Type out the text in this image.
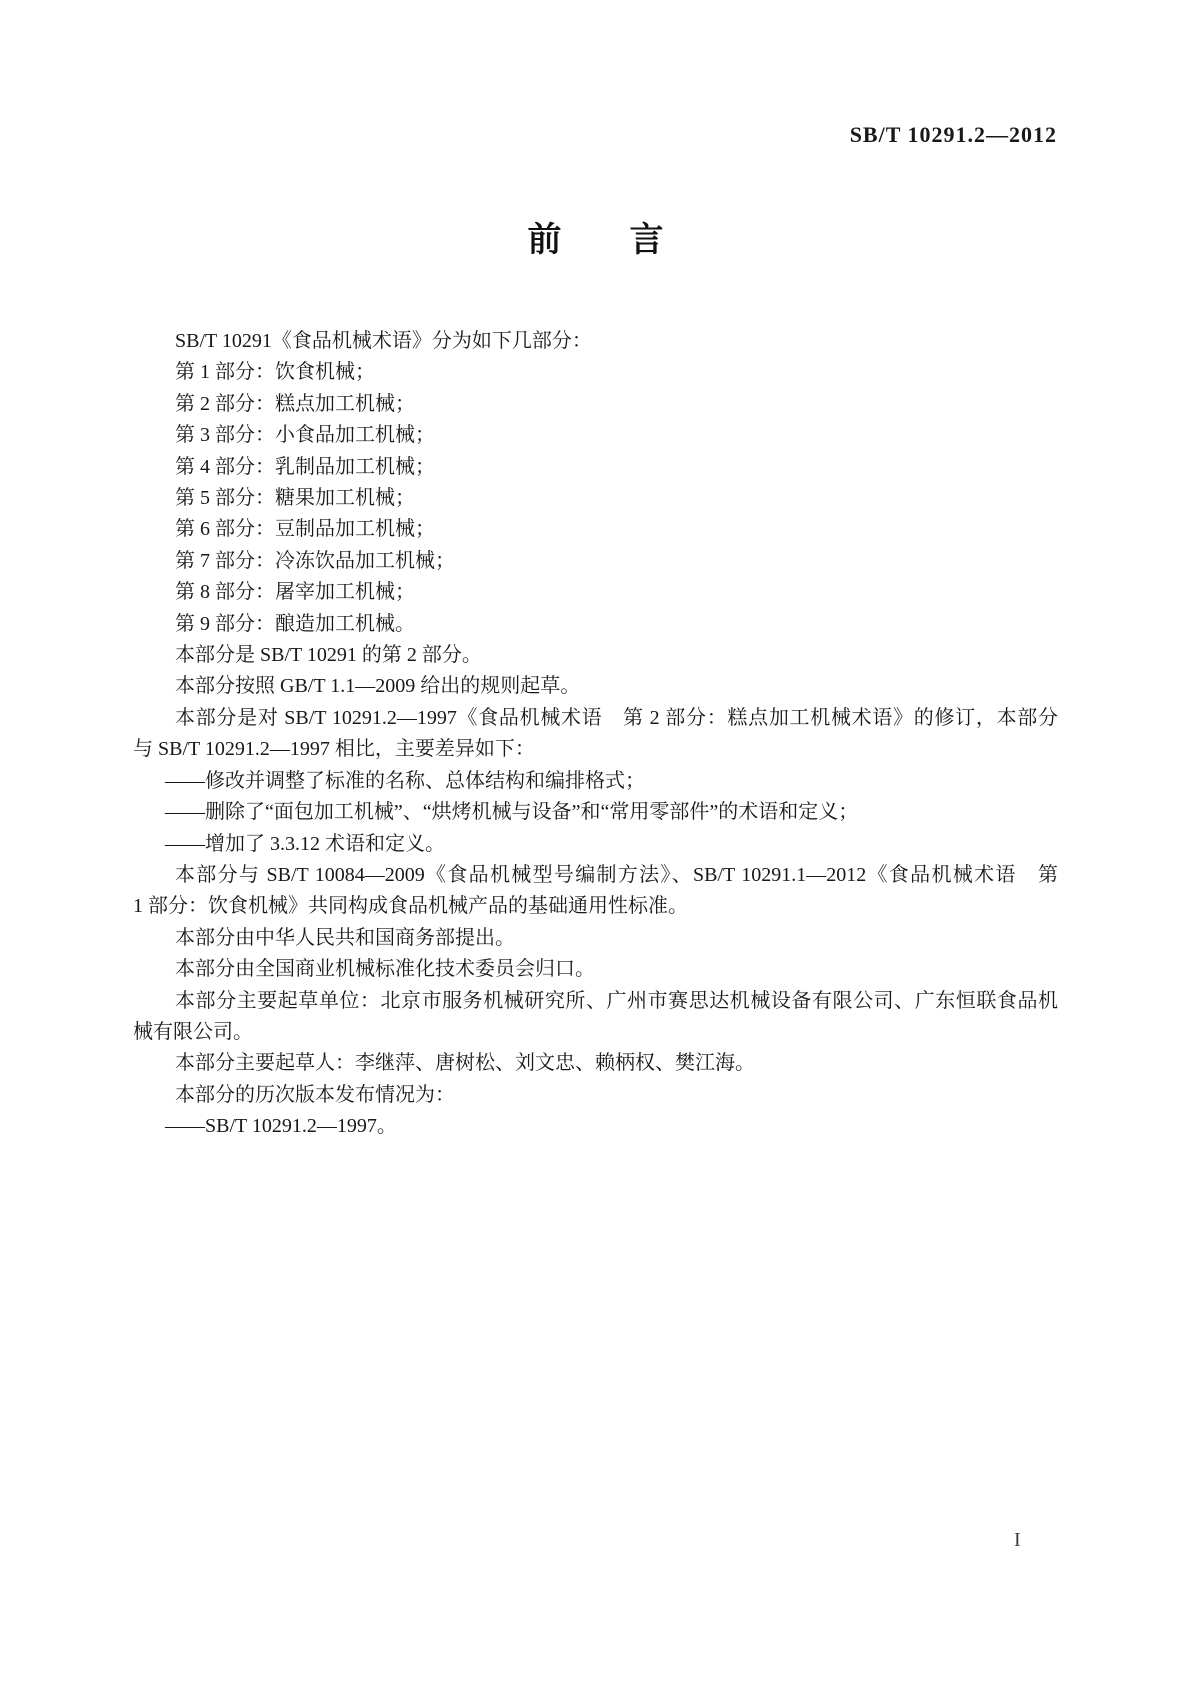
SB/T 10291.2—2012
前　　言
SB/T 10291《食品机械术语》分为如下几部分：
第 1 部分：饮食机械；
第 2 部分：糕点加工机械；
第 3 部分：小食品加工机械；
第 4 部分：乳制品加工机械；
第 5 部分：糖果加工机械；
第 6 部分：豆制品加工机械；
第 7 部分：冷冻饮品加工机械；
第 8 部分：屠宰加工机械；
第 9 部分：酿造加工机械。
本部分是 SB/T 10291 的第 2 部分。
本部分按照 GB/T 1.1—2009 给出的规则起草。
本部分是对 SB/T 10291.2—1997《食品机械术语　第 2 部分：糕点加工机械术语》的修订，本部分
与 SB/T 10291.2—1997 相比，主要差异如下：
——修改并调整了标准的名称、总体结构和编排格式；
——删除了“面包加工机械”、“烘烤机械与设备”和“常用零部件”的术语和定义；
——增加了 3.3.12 术语和定义。
本部分与 SB/T 10084—2009《食品机械型号编制方法》、SB/T 10291.1—2012《食品机械术语　第
1 部分：饮食机械》共同构成食品机械产品的基础通用性标准。
本部分由中华人民共和国商务部提出。
本部分由全国商业机械标准化技术委员会归口。
本部分主要起草单位：北京市服务机械研究所、广州市赛思达机械设备有限公司、广东恒联食品机
械有限公司。
本部分主要起草人：李继萍、唐树松、刘文忠、赖柄权、樊江海。
本部分的历次版本发布情况为：
——SB/T 10291.2—1997。
I
